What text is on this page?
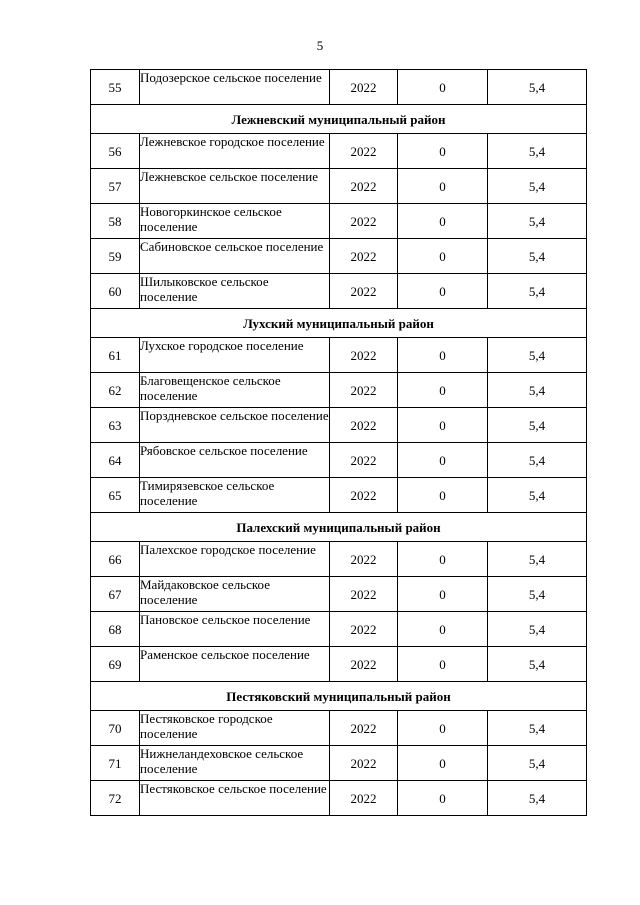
5
55	Подозерское сельское поселение	2022	0	5,4
Лежневский муниципальный район				
56	Лежневское городское поселение	2022	0	5,4
57	Лежневское сельское поселение	2022	0	5,4
58	Новогоркинское сельское поселение	2022	0	5,4
59	Сабиновское сельское поселение	2022	0	5,4
60	Шилыковское сельское поселение	2022	0	5,4
Лухский муниципальный район				
61	Лухское городское поселение	2022	0	5,4
62	Благовещенское сельское поселение	2022	0	5,4
63	Порздневское сельское поселение	2022	0	5,4
64	Рябовское сельское поселение	2022	0	5,4
65	Тимирязевское сельское поселение	2022	0	5,4
Палехский муниципальный район				
66	Палехское городское поселение	2022	0	5,4
67	Майдаковское сельское поселение	2022	0	5,4
68	Пановское сельское поселение	2022	0	5,4
69	Раменское сельское поселение	2022	0	5,4
Пестяковский муниципальный район				
70	Пестяковское городское поселение	2022	0	5,4
71	Нижнеландеховское сельское поселение	2022	0	5,4
72	Пестяковское сельское поселение	2022	0	5,4
